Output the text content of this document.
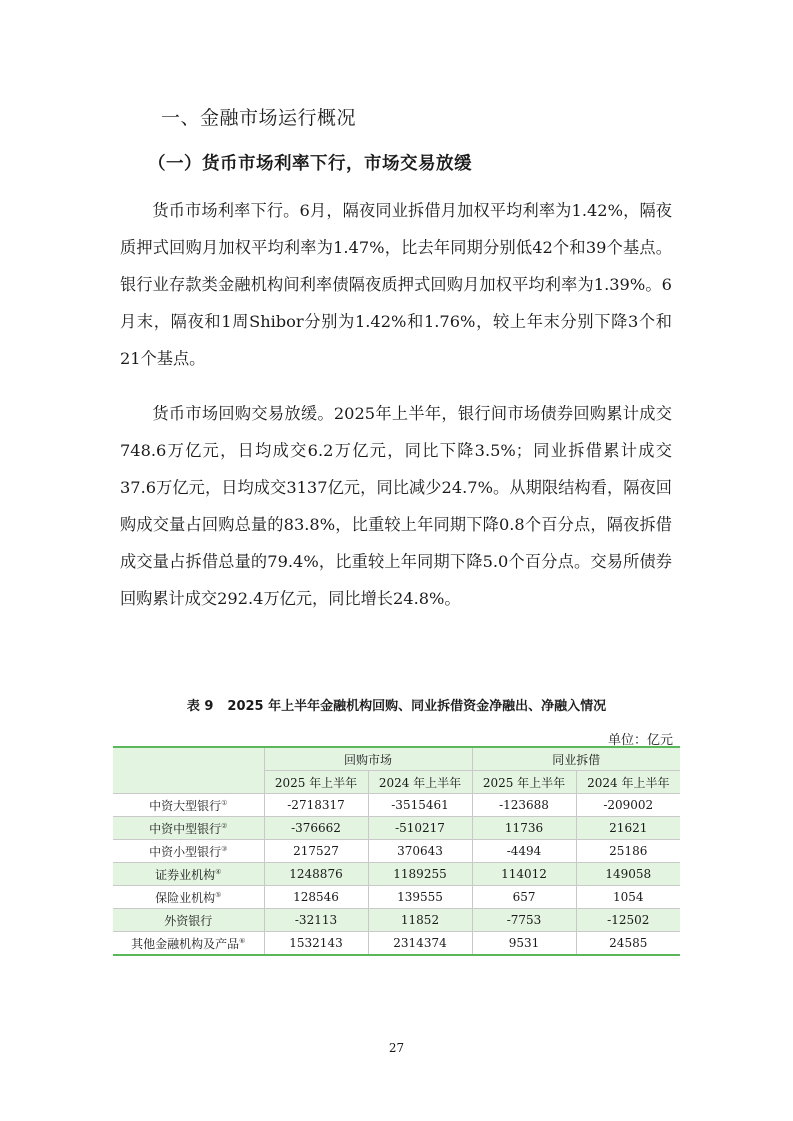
一、金融市场运行概况
（一）货币市场利率下行，市场交易放缓

货币市场利率下行。6月，隔夜同业拆借月加权平均利率为1.42%，隔夜质押式回购月加权平均利率为1.47%，比去年同期分别低42个和39个基点。银行业存款类金融机构间利率债隔夜质押式回购月加权平均利率为1.39%。6月末，隔夜和1周Shibor分别为1.42%和1.76%，较上年末分别下降3个和21个基点。

货币市场回购交易放缓。2025年上半年，银行间市场债券回购累计成交748.6万亿元，日均成交6.2万亿元，同比下降3.5%；同业拆借累计成交37.6万亿元，日均成交3137亿元，同比减少24.7%。从期限结构看，隔夜回购成交量占回购总量的83.8%，比重较上年同期下降0.8个百分点，隔夜拆借成交量占拆借总量的79.4%，比重较上年同期下降5.0个百分点。交易所债券回购累计成交292.4万亿元，同比增长24.8%。

表 9 2025 年上半年金融机构回购、同业拆借资金净融出、净融入情况
单位：亿元
	回购市场		同业拆借	
	2025 年上半年	2024 年上半年	2025 年上半年	2024 年上半年
中资大型银行①	-2718317	-3515461	-123688	-209002
中资中型银行②	-376662	-510217	11736	21621
中资小型银行③	217527	370643	-4494	25186
证券业机构④	1248876	1189255	114012	149058
保险业机构⑤	128546	139555	657	1054
外资银行	-32113	11852	-7753	-12502
其他金融机构及产品⑥	1532143	2314374	9531	24585
27
